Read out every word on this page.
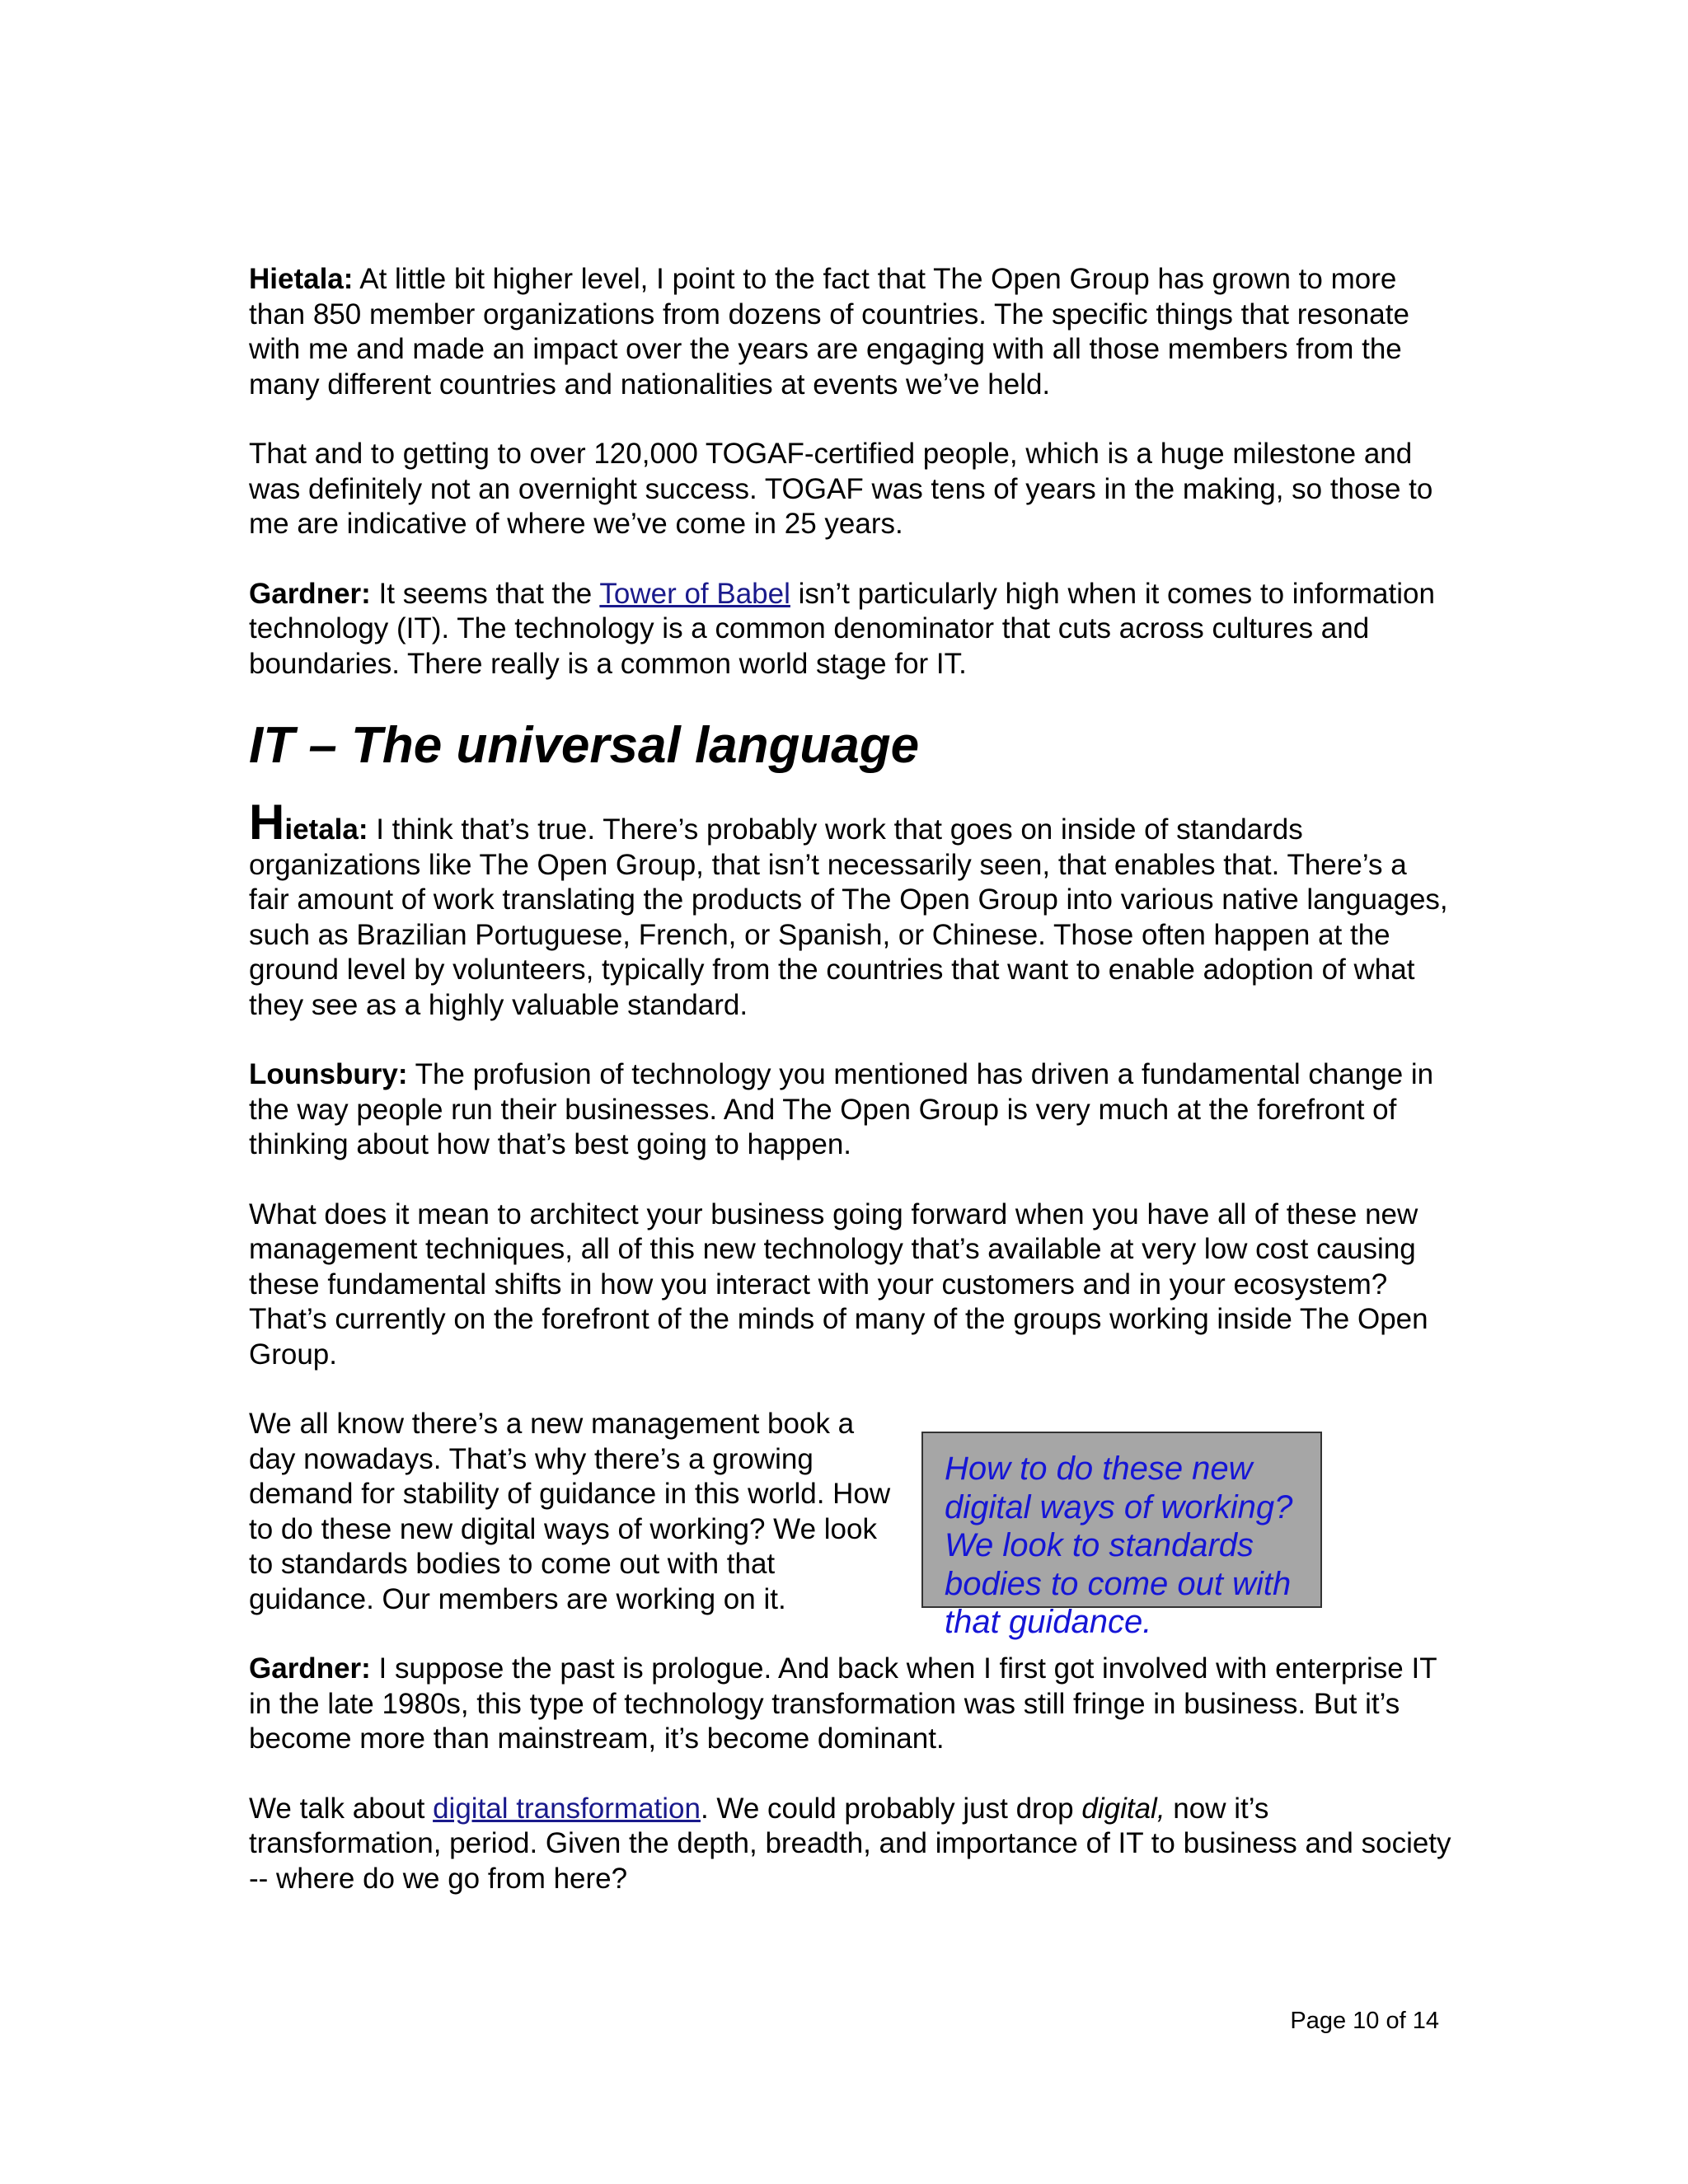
Hietala: At little bit higher level, I point to the fact that The Open Group has grown to more than 850 member organizations from dozens of countries. The specific things that resonate with me and made an impact over the years are engaging with all those members from the many different countries and nationalities at events we’ve held.

That and to getting to over 120,000 TOGAF-certified people, which is a huge milestone and was definitely not an overnight success. TOGAF was tens of years in the making, so those to me are indicative of where we’ve come in 25 years.

Gardner: It seems that the Tower of Babel isn’t particularly high when it comes to information technology (IT). The technology is a common denominator that cuts across cultures and boundaries. There really is a common world stage for IT.

IT – The universal language

Hietala: I think that’s true. There’s probably work that goes on inside of standards organizations like The Open Group, that isn’t necessarily seen, that enables that. There’s a fair amount of work translating the products of The Open Group into various native languages, such as Brazilian Portuguese, French, or Spanish, or Chinese. Those often happen at the ground level by volunteers, typically from the countries that want to enable adoption of what they see as a highly valuable standard.

Lounsbury: The profusion of technology you mentioned has driven a fundamental change in the way people run their businesses. And The Open Group is very much at the forefront of thinking about how that’s best going to happen.

What does it mean to architect your business going forward when you have all of these new management techniques, all of this new technology that’s available at very low cost causing these fundamental shifts in how you interact with your customers and in your ecosystem? That’s currently on the forefront of the minds of many of the groups working inside The Open Group.

We all know there’s a new management book a day nowadays. That’s why there’s a growing demand for stability of guidance in this world. How to do these new digital ways of working? We look to standards bodies to come out with that guidance. Our members are working on it.

How to do these new digital ways of working? We look to standards bodies to come out with that guidance.

Gardner: I suppose the past is prologue. And back when I first got involved with enterprise IT in the late 1980s, this type of technology transformation was still fringe in business. But it’s become more than mainstream, it’s become dominant.

We talk about digital transformation. We could probably just drop digital, now it’s transformation, period. Given the depth, breadth, and importance of IT to business and society -- where do we go from here?

Page 10 of 14
